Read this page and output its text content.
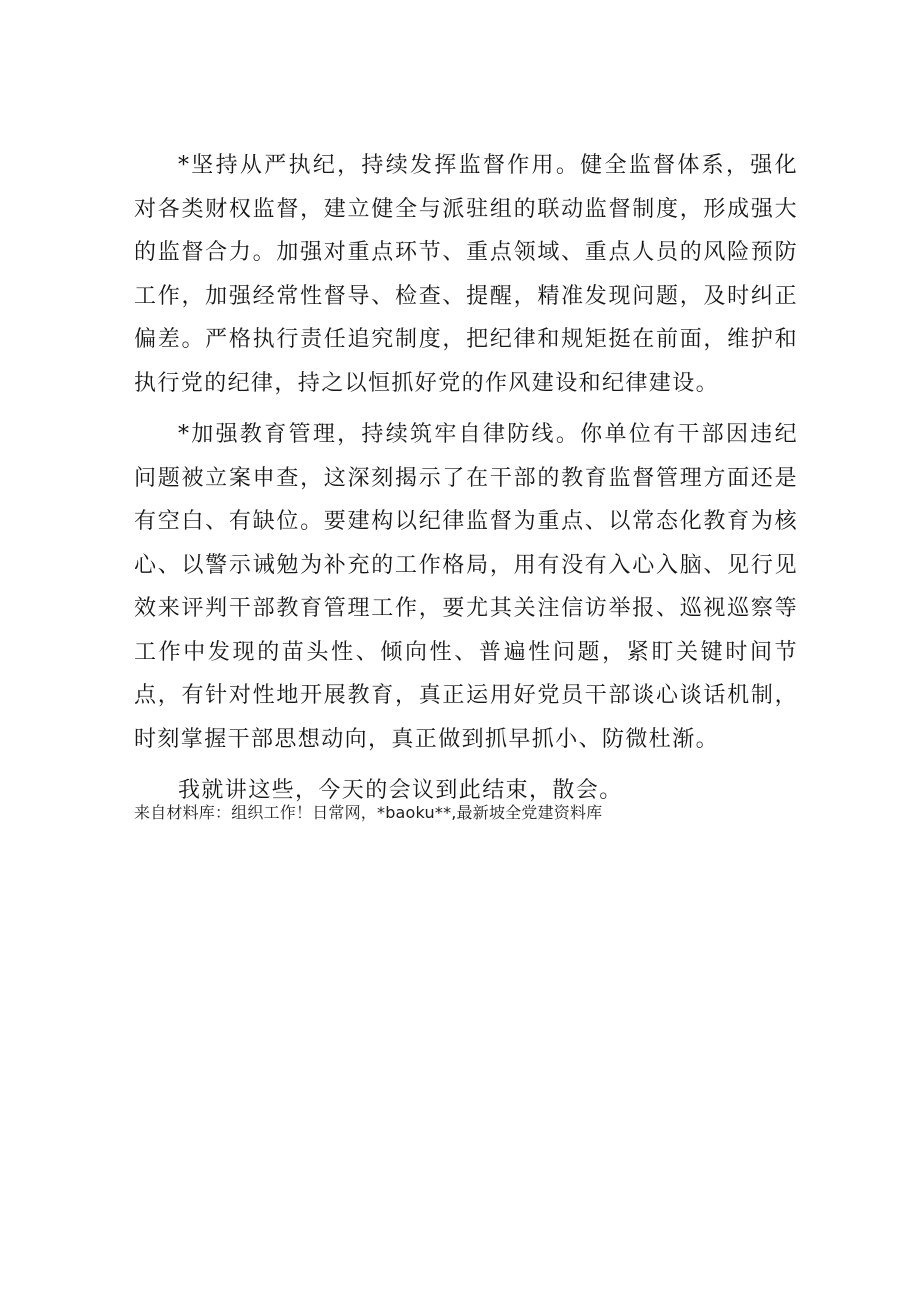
*坚持从严执纪，持续发挥监督作用。健全监督体系，强化对各类财权监督，建立健全与派驻组的联动监督制度，形成强大的监督合力。加强对重点环节、重点领域、重点人员的风险预防工作，加强经常性督导、检查、提醒，精准发现问题，及时纠正偏差。严格执行责任追究制度，把纪律和规矩挺在前面，维护和执行党的纪律，持之以恒抓好党的作风建设和纪律建设。

*加强教育管理，持续筑牢自律防线。你单位有干部因违纪问题被立案申查，这深刻揭示了在干部的教育监督管理方面还是有空白、有缺位。要建构以纪律监督为重点、以常态化教育为核心、以警示诫勉为补充的工作格局，用有没有入心入脑、见行见效来评判干部教育管理工作，要尤其关注信访举报、巡视巡察等工作中发现的苗头性、倾向性、普遍性问题，紧盯关键时间节点，有针对性地开展教育，真正运用好党员干部谈心谈话机制，时刻掌握干部思想动向，真正做到抓早抓小、防微杜渐。

我就讲这些，今天的会议到此结束，散会。

来自材料库：组织工作！日常网，*baoku**,最新坡全党建资料库
